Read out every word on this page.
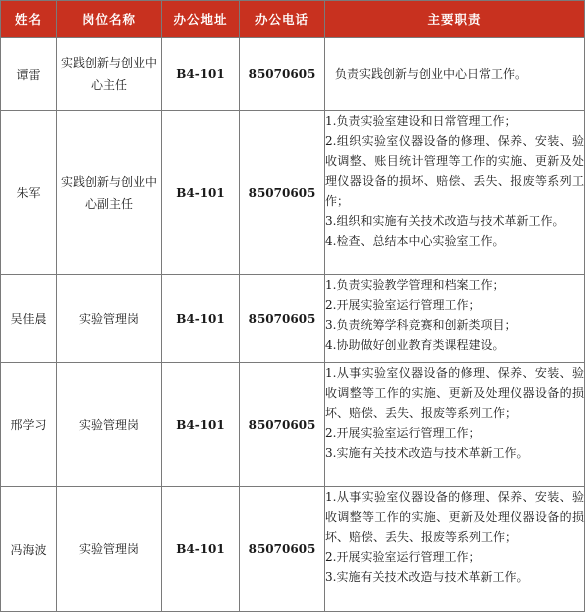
姓名	岗位名称	办公地址	办公电话	主要职责
谭雷	实践创新与创业中心主任	B4-101	85070605	负责实践创新与创业中心日常工作。

朱军	实践创新与创业中心副主任	B4-101	85070605	1.负责实验室建设和日常管理工作；
2.组织实验室仪器设备的修理、保养、安装、验收调整、账目统计管理等工作的实施、更新及处理仪器设备的损坏、赔偿、丢失、报废等系列工作；
3.组织和实施有关技术改造与技术革新工作。
4.检查、总结本中心实验室工作。

吴佳晨	实验管理岗	B4-101	85070605	1.负责实验教学管理和档案工作；
2.开展实验室运行管理工作；
3.负责统筹学科竞赛和创新类项目；
4.协助做好创业教育类课程建设。

邢学习	实验管理岗	B4-101	85070605	1.从事实验室仪器设备的修理、保养、安装、验收调整等工作的实施、更新及处理仪器设备的损坏、赔偿、丢失、报废等系列工作；
2.开展实验室运行管理工作；
3.实施有关技术改造与技术革新工作。

冯海波	实验管理岗	B4-101	85070605	1.从事实验室仪器设备的修理、保养、安装、验收调整等工作的实施、更新及处理仪器设备的损坏、赔偿、丢失、报废等系列工作；
2.开展实验室运行管理工作；
3.实施有关技术改造与技术革新工作。
